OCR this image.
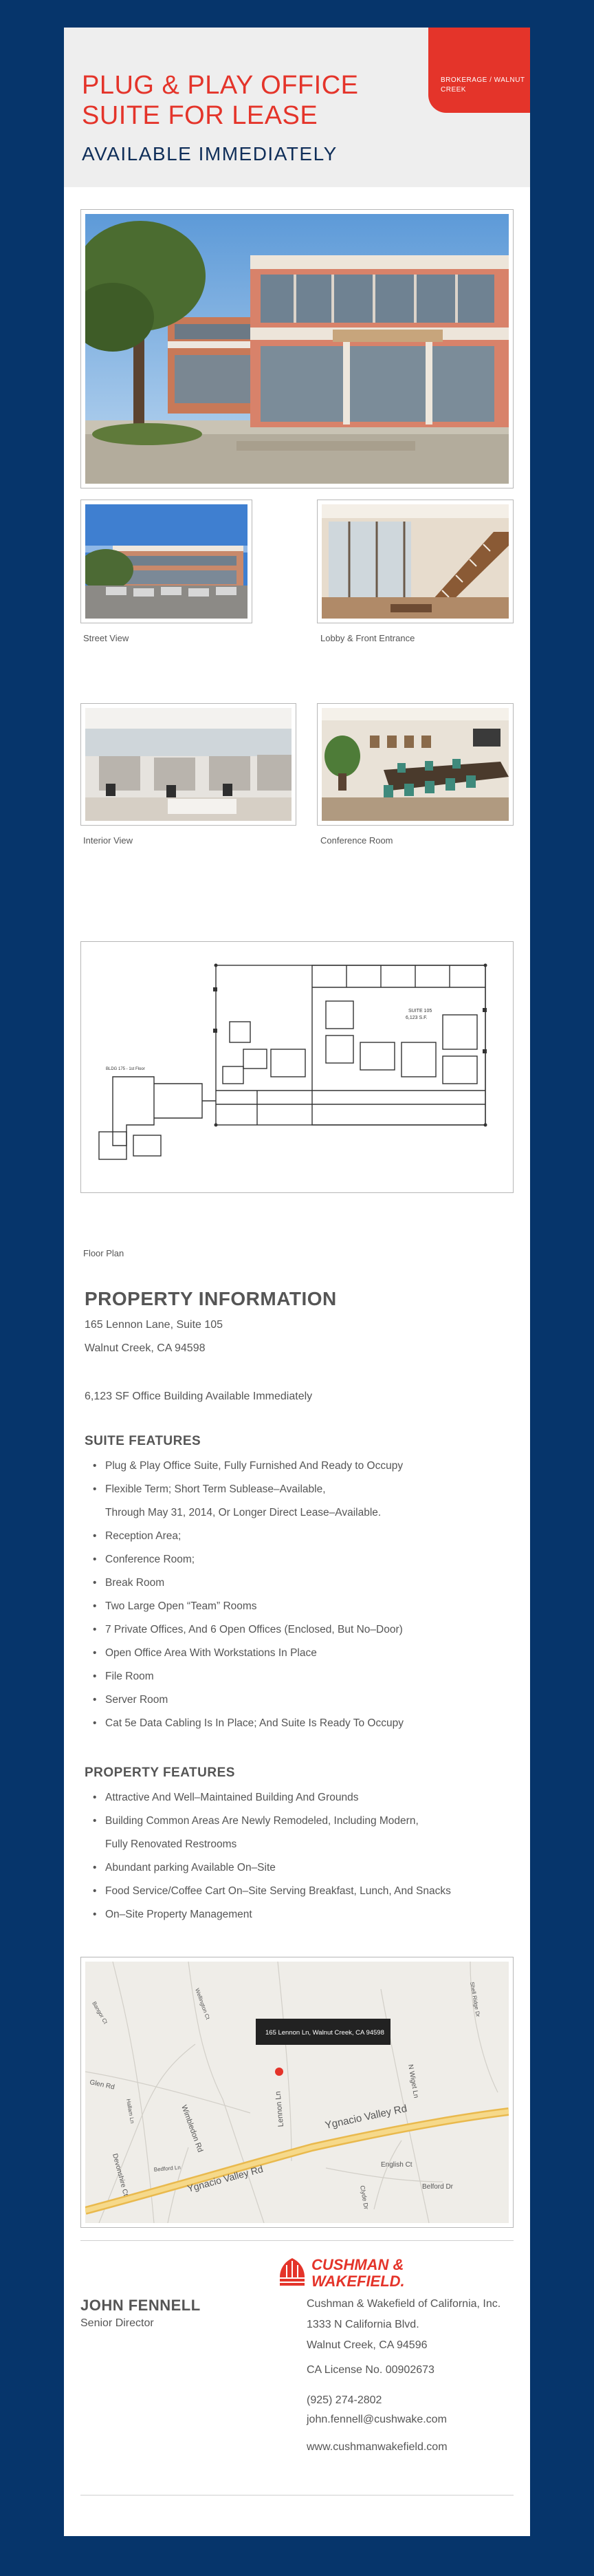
PLUG & PLAY OFFICE SUITE FOR LEASE
AVAILABLE IMMEDIATELY
BROKERAGE / WALNUT CREEK
Street View	Lobby & Front Entrance
Interior View	Conference Room
SUITE 105
6,123 S.F.
BLDG 175 - 1st Floor
Floor Plan
PROPERTY INFORMATION
165 Lennon Lane, Suite 105
Walnut Creek, CA 94598
6,123 SF Office Building Available Immediately
SUITE FEATURES
• Plug & Play Office Suite, Fully Furnished And Ready to Occupy
• Flexible Term; Short Term Sublease–Available,
Through May 31, 2014, Or Longer Direct Lease–Available.
• Reception Area;
• Conference Room;
• Break Room
• Two Large Open “Team” Rooms
• 7 Private Offices, And 6 Open Offices (Enclosed, But No–Door)
• Open Office Area With Workstations In Place
• File Room
• Server Room
• Cat 5e Data Cabling Is In Place; And Suite Is Ready To Occupy
PROPERTY FEATURES
• Attractive And Well–Maintained Building And Grounds
• Building Common Areas Are Newly Remodeled, Including Modern,
Fully Renovated Restrooms
• Abundant parking Available On–Site
• Food Service/Coffee Cart On–Site Serving Breakfast, Lunch, And Snacks
• On–Site Property Management
165 Lennon Ln, Walnut Creek, CA 94598
Ygnacio Valley Rd
Ygnacio Valley Rd
Lennon Ln
N Wiget Ln
Wimbledon Rd
Glen Rd
Hallam Ln
English Ct
Belford Dr
Clyde Dr
Devonshire Ct	Bedford Ln
Bangor Ct	Wellington Ct	Shell Ridge Dr
CUSHMAN & WAKEFIELD.
JOHN FENNELL
Senior Director
Cushman & Wakefield of California, Inc.
1333 N California Blvd.
Walnut Creek, CA 94596
CA License No. 00902673
(925) 274-2802
john.fennell@cushwake.com
www.cushmanwakefield.com
